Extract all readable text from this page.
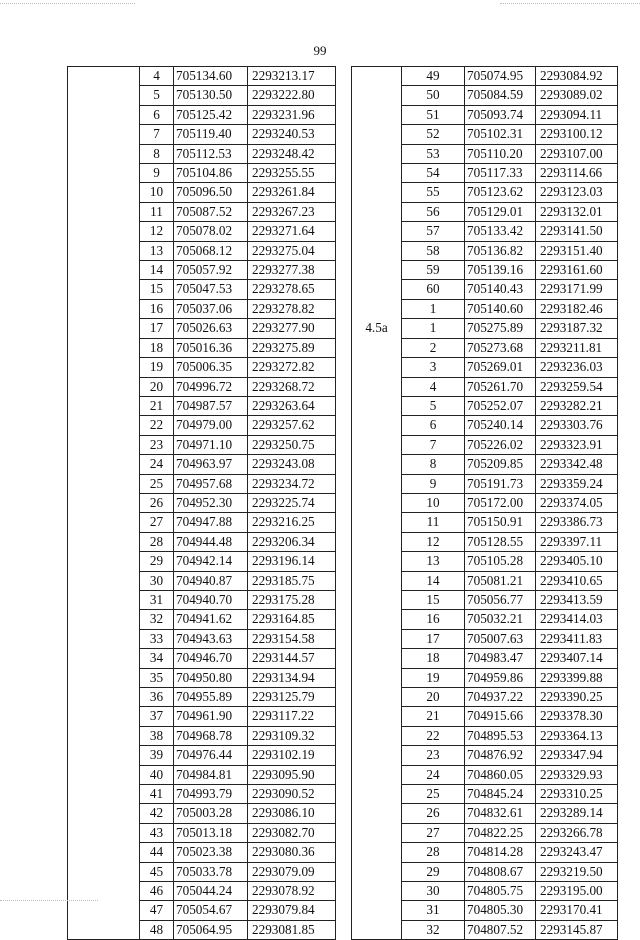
99
	4	705134.60	2293213.17
	5	705130.50	2293222.80
	6	705125.42	2293231.96
	7	705119.40	2293240.53
	8	705112.53	2293248.42
	9	705104.86	2293255.55
	10	705096.50	2293261.84
	11	705087.52	2293267.23
	12	705078.02	2293271.64
	13	705068.12	2293275.04
	14	705057.92	2293277.38
	15	705047.53	2293278.65
	16	705037.06	2293278.82
	17	705026.63	2293277.90
	18	705016.36	2293275.89
	19	705006.35	2293272.82
	20	704996.72	2293268.72
	21	704987.57	2293263.64
	22	704979.00	2293257.62
	23	704971.10	2293250.75
	24	704963.97	2293243.08
	25	704957.68	2293234.72
	26	704952.30	2293225.74
	27	704947.88	2293216.25
	28	704944.48	2293206.34
	29	704942.14	2293196.14
	30	704940.87	2293185.75
	31	704940.70	2293175.28
	32	704941.62	2293164.85
	33	704943.63	2293154.58
	34	704946.70	2293144.57
	35	704950.80	2293134.94
	36	704955.89	2293125.79
	37	704961.90	2293117.22
	38	704968.78	2293109.32
	39	704976.44	2293102.19
	40	704984.81	2293095.90
	41	704993.79	2293090.52
	42	705003.28	2293086.10
	43	705013.18	2293082.70
	44	705023.38	2293080.36
	45	705033.78	2293079.09
	46	705044.24	2293078.92
	47	705054.67	2293079.84
	48	705064.95	2293081.85
	49	705074.95	2293084.92
	50	705084.59	2293089.02
	51	705093.74	2293094.11
	52	705102.31	2293100.12
	53	705110.20	2293107.00
	54	705117.33	2293114.66
	55	705123.62	2293123.03
	56	705129.01	2293132.01
	57	705133.42	2293141.50
	58	705136.82	2293151.40
	59	705139.16	2293161.60
	60	705140.43	2293171.99
	1	705140.60	2293182.46
4.5a	1	705275.89	2293187.32
	2	705273.68	2293211.81
	3	705269.01	2293236.03
	4	705261.70	2293259.54
	5	705252.07	2293282.21
	6	705240.14	2293303.76
	7	705226.02	2293323.91
	8	705209.85	2293342.48
	9	705191.73	2293359.24
	10	705172.00	2293374.05
	11	705150.91	2293386.73
	12	705128.55	2293397.11
	13	705105.28	2293405.10
	14	705081.21	2293410.65
	15	705056.77	2293413.59
	16	705032.21	2293414.03
	17	705007.63	2293411.83
	18	704983.47	2293407.14
	19	704959.86	2293399.88
	20	704937.22	2293390.25
	21	704915.66	2293378.30
	22	704895.53	2293364.13
	23	704876.92	2293347.94
	24	704860.05	2293329.93
	25	704845.24	2293310.25
	26	704832.61	2293289.14
	27	704822.25	2293266.78
	28	704814.28	2293243.47
	29	704808.67	2293219.50
	30	704805.75	2293195.00
	31	704805.30	2293170.41
	32	704807.52	2293145.87
